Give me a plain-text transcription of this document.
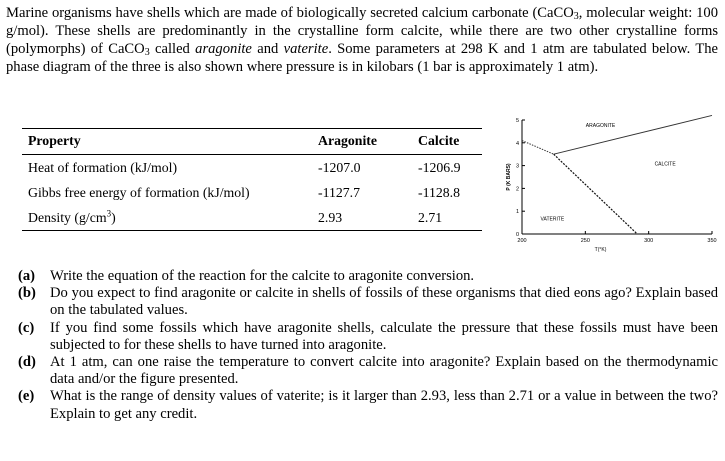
Marine organisms have shells which are made of biologically secreted calcium carbonate (CaCO$_3$, molecular weight: 100 g/mol). These shells are predominantly in the crystalline form calcite, while there are two other crystalline forms (polymorphs) of CaCO$_3$ called aragonite and vaterite. Some parameters at 298 K and 1 atm are tabulated below. The phase diagram of the three is also shown where pressure is in kilobars (1 bar is approximately 1 atm).
Property	Aragonite	Calcite
Heat of formation (kJ/mol)	-1207.0	-1206.9
Gibbs free energy of formation (kJ/mol)	-1127.7	-1128.8
Density $(g/cm^3)$	2.93	2.71
200	250	300	350
0
1
2
3
4
5
T(°K)
P (K BARS)
ARAGONITE
CALCITE
VATERITE
(a)	Write the equation of the reaction for the calcite to aragonite conversion.
(b) Do you expect to find aragonite or calcite in shells of fossils of these organisms that died eons ago? Explain based on the tabulated values.
(c)	If you find some fossils which have aragonite shells, calculate the pressure that these fossils must have been subjected to for these shells to have turned into aragonite.
(d) At 1 atm, can one raise the temperature to convert calcite into aragonite? Explain based on the thermodynamic data and/or the figure presented.
(e)	What is the range of density values of vaterite; is it larger than 2.93, less than 2.71 or a value in between the two? Explain to get any credit.
